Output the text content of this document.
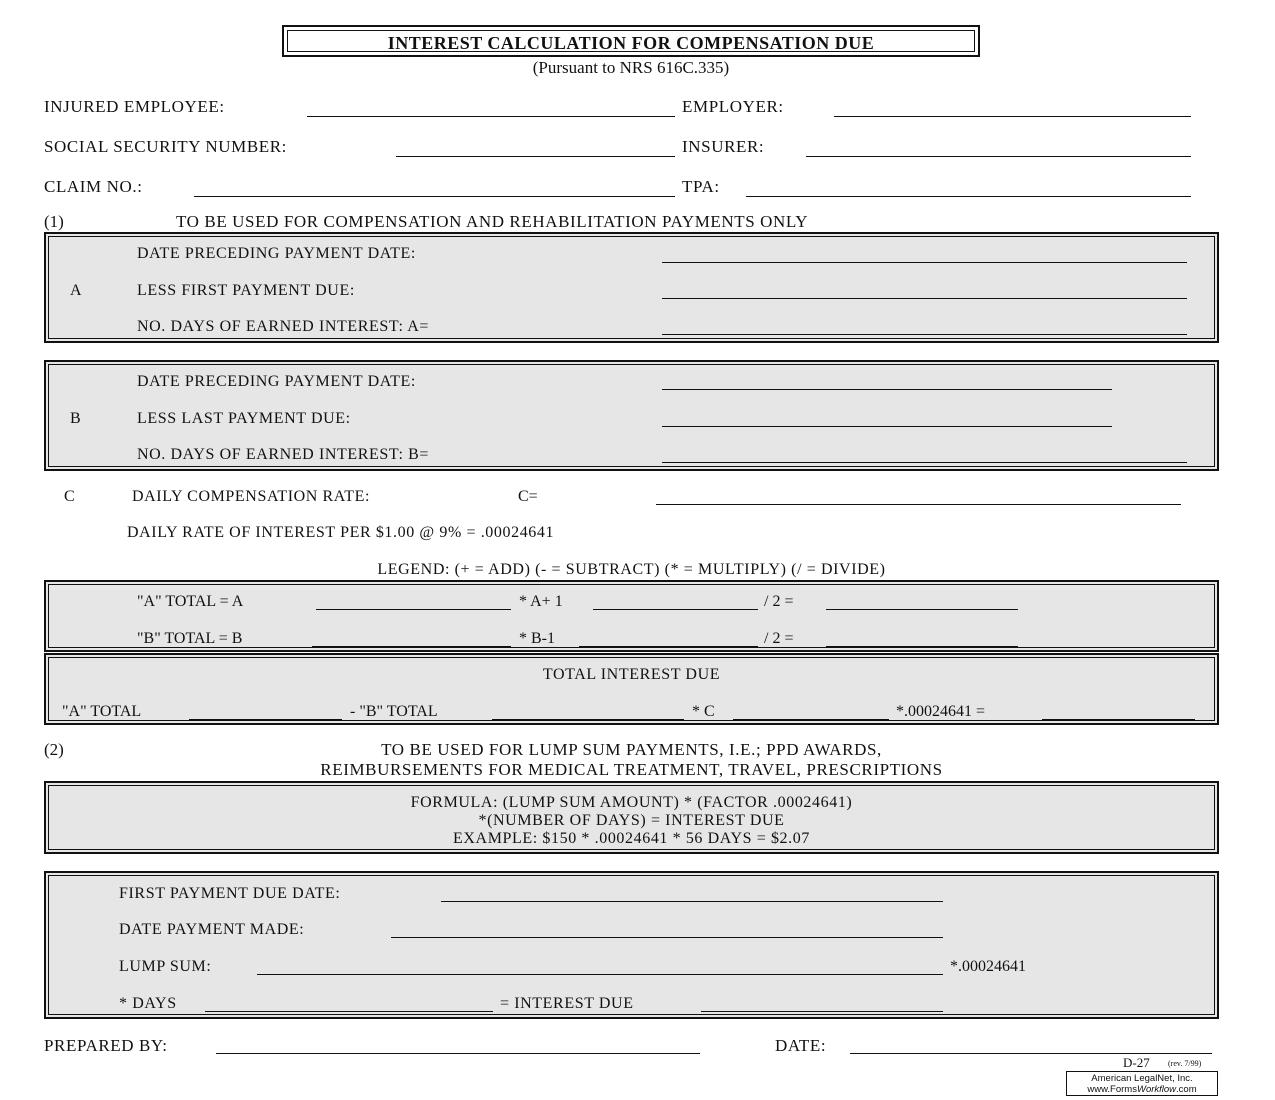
INTEREST CALCULATION FOR COMPENSATION DUE
(Pursuant to NRS 616C.335)
INJURED EMPLOYEE:	EMPLOYER:
SOCIAL SECURITY NUMBER:	INSURER:
CLAIM NO.:	TPA:
(1)	TO BE USED FOR COMPENSATION AND REHABILITATION PAYMENTS ONLY
DATE PRECEDING PAYMENT DATE:
A	LESS FIRST PAYMENT DUE:
NO. DAYS OF EARNED INTEREST: A=
DATE PRECEDING PAYMENT DATE:
B	LESS LAST PAYMENT DUE:
NO. DAYS OF EARNED INTEREST: B=
C	DAILY COMPENSATION RATE:	C=
DAILY RATE OF INTEREST PER $1.00 @ 9% = .00024641
LEGEND: (+ = ADD) (- = SUBTRACT) (* = MULTIPLY) (/ = DIVIDE)
"A" TOTAL = A	* A+ 1	/ 2 =
"B" TOTAL = B	* B-1	/ 2 =
TOTAL INTEREST DUE
"A" TOTAL	- "B" TOTAL	* C	*.00024641 =
(2)	TO BE USED FOR LUMP SUM PAYMENTS, I.E.; PPD AWARDS,
REIMBURSEMENTS FOR MEDICAL TREATMENT, TRAVEL, PRESCRIPTIONS
FORMULA: (LUMP SUM AMOUNT) * (FACTOR .00024641)
*(NUMBER OF DAYS) = INTEREST DUE
EXAMPLE: $150 * .00024641 * 56 DAYS = $2.07
FIRST PAYMENT DUE DATE:
DATE PAYMENT MADE:
LUMP SUM:	*.00024641
* DAYS	= INTEREST DUE
PREPARED BY:	DATE:
D-27 (rev. 7/99)
American LegalNet, Inc.
www.FormsWorkflow.com
